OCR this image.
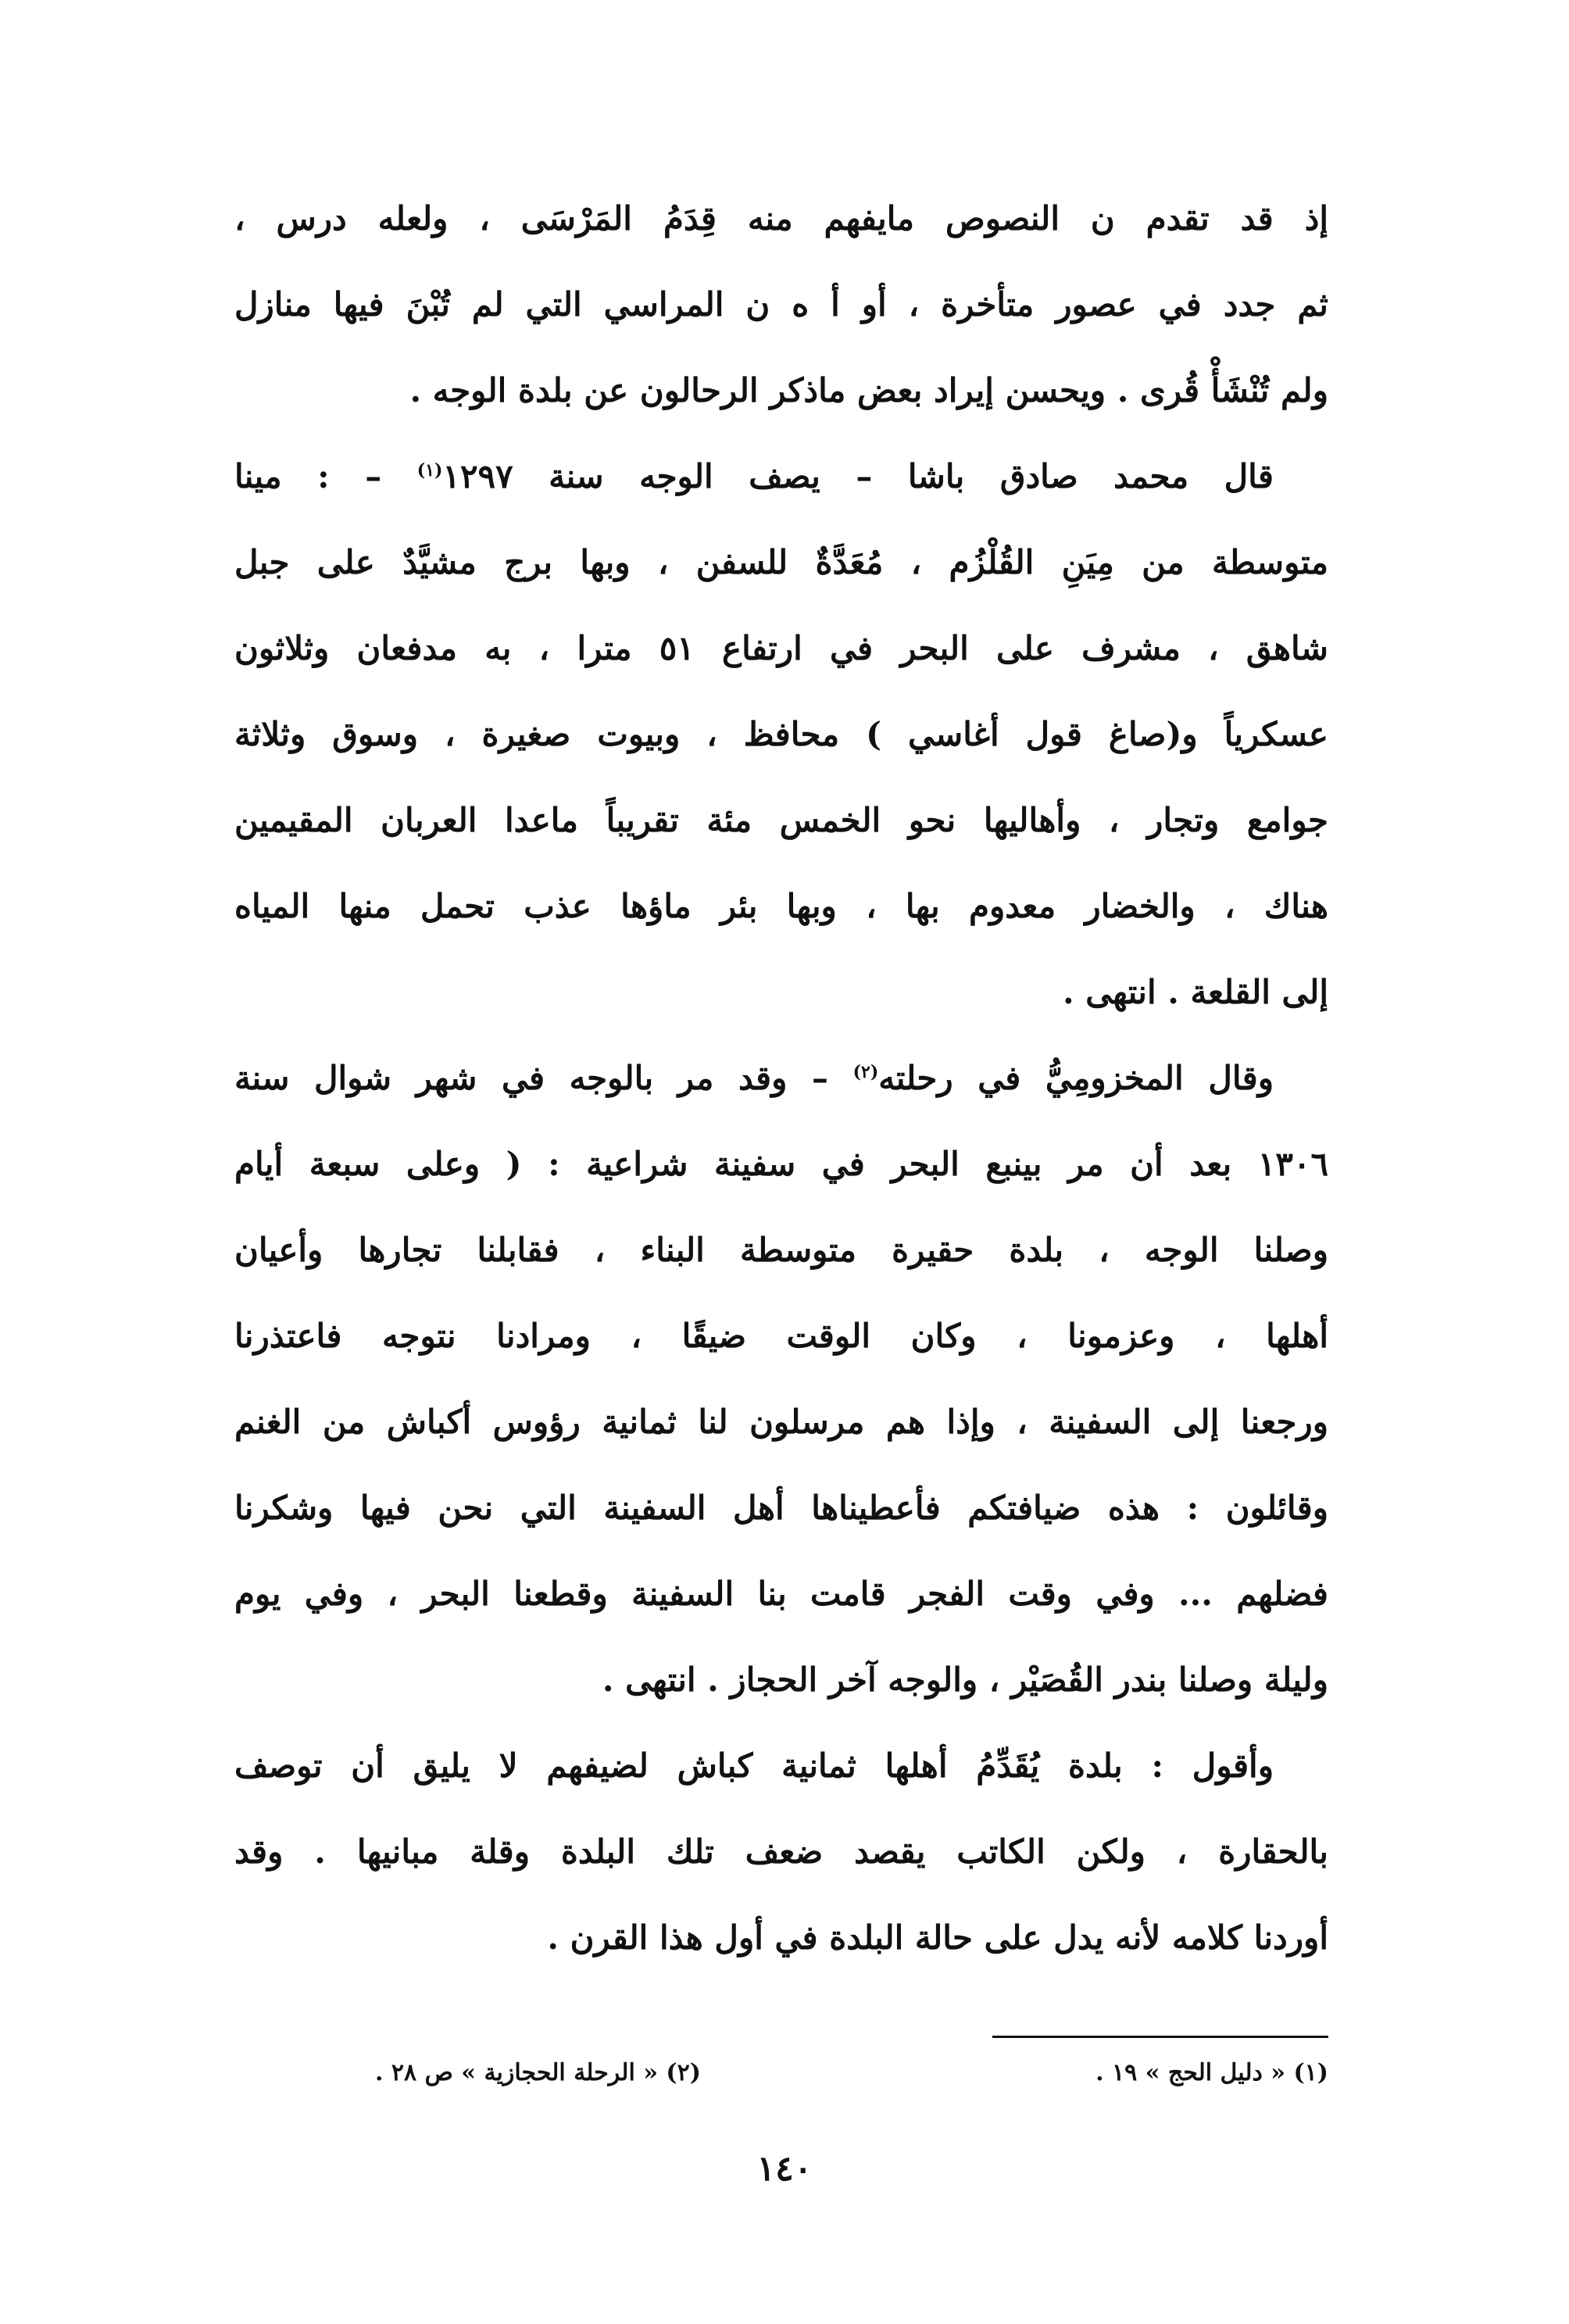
إذ قد تقدم ن النصوص مايفهم منه قِدَمُ المَرْسَى ، ولعله درس ،
ثم جدد في عصور متأخرة ، أو أ ه ن المراسي التي لم تُبْنَ فيها منازل
ولم تُنْشَأْ قُرى . ويحسن إيراد بعض ماذكر الرحالون عن بلدة الوجه .

قال محمد صادق باشا – يصف الوجه سنة ١٢٩٧$^{(١)}$ – : مينا
متوسطة من مِيَنِ القُلْزُم ، مُعَدَّةٌ للسفن ، وبها برج مشيَّدٌ على جبل
شاهق ، مشرف على البحر في ارتفاع ٥١ مترا ، به مدفعان وثلاثون
عسكرياً و(صاغ قول أغاسي ) محافظ ، وبيوت صغيرة ، وسوق وثلاثة
جوامع وتجار ، وأهاليها نحو الخمس مئة تقريباً ماعدا العربان المقيمين
هناك ، والخضار معدوم بها ، وبها بئر ماؤها عذب تحمل منها المياه
إلى القلعة . انتهى .

وقال المخزومِيُّ في رحلته$^{(٢)}$ – وقد مر بالوجه في شهر شوال سنة
١٣٠٦ بعد أن مر بينبع البحر في سفينة شراعية : ( وعلى سبعة أيام
وصلنا الوجه ، بلدة حقيرة متوسطة البناء ، فقابلنا تجارها وأعيان
أهلها ، وعزمونا ، وكان الوقت ضيقًا ، ومرادنا نتوجه فاعتذرنا
ورجعنا إلى السفينة ، وإذا هم مرسلون لنا ثمانية رؤوس أكباش من الغنم
وقائلون : هذه ضيافتكم فأعطيناها أهل السفينة التي نحن فيها وشكرنا
فضلهم ... وفي وقت الفجر قامت بنا السفينة وقطعنا البحر ، وفي يوم
وليلة وصلنا بندر القُصَيْر ، والوجه آخر الحجاز . انتهى .

وأقول : بلدة يُقَدِّمُ أهلها ثمانية كباش لضيفهم لا يليق أن توصف
بالحقارة ، ولكن الكاتب يقصد ضعف تلك البلدة وقلة مبانيها . وقد
أوردنا كلامه لأنه يدل على حالة البلدة في أول هذا القرن .

(١) « دليل الحج » ١٩ .
(٢) « الرحلة الحجازية » ص ٢٨ .
١٤٠
